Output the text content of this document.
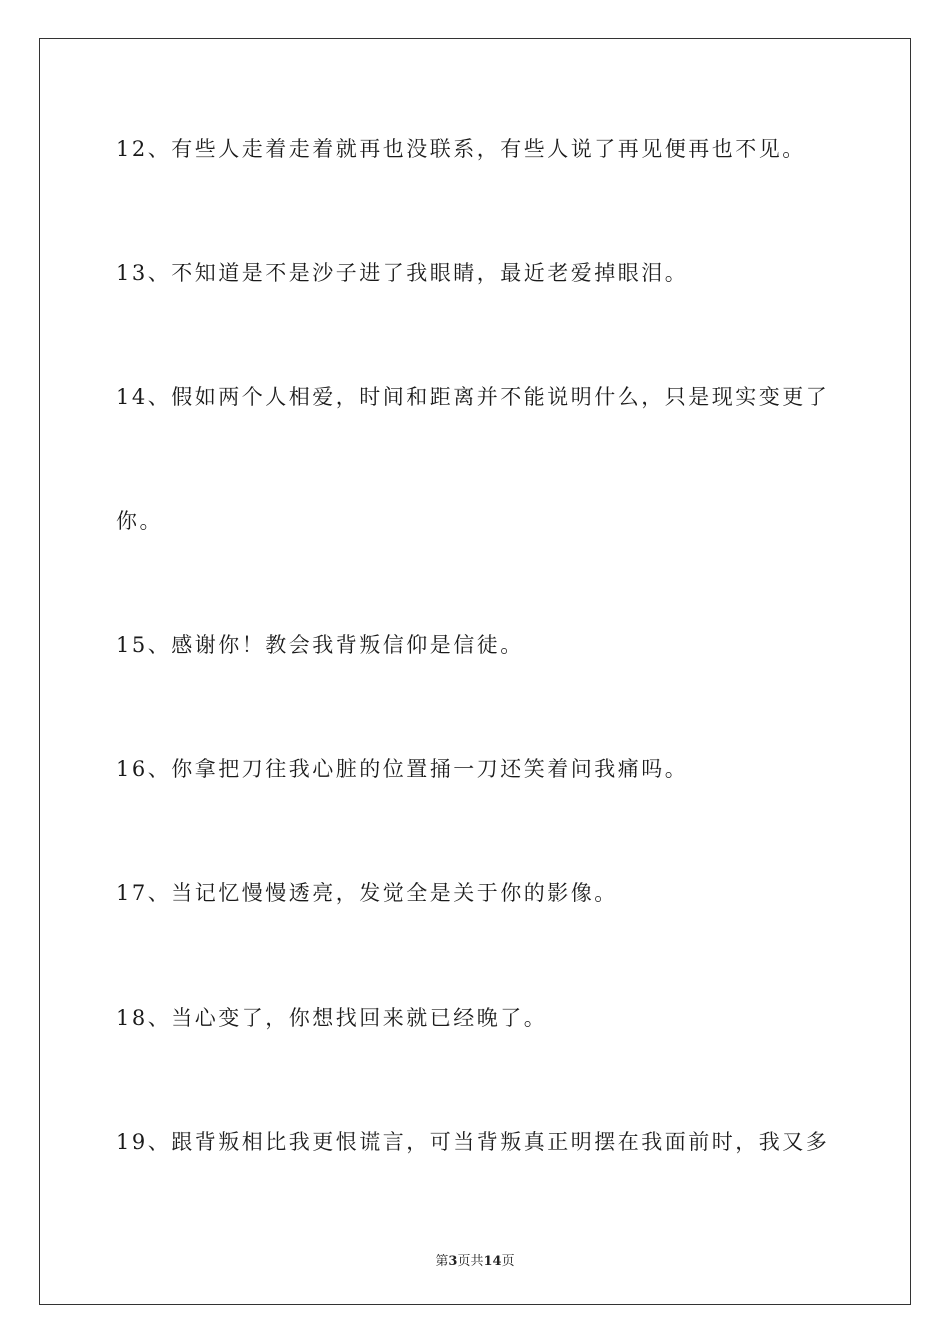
12、有些人走着走着就再也没联系，有些人说了再见便再也不见。
13、不知道是不是沙子进了我眼睛，最近老爱掉眼泪。
14、假如两个人相爱，时间和距离并不能说明什么，只是现实变更了
你。
15、感谢你！教会我背叛信仰是信徒。
16、你拿把刀往我心脏的位置捅一刀还笑着问我痛吗。
17、当记忆慢慢透亮，发觉全是关于你的影像。
18、当心变了，你想找回来就已经晚了。
19、跟背叛相比我更恨谎言，可当背叛真正明摆在我面前时，我又多
第3页共14页
